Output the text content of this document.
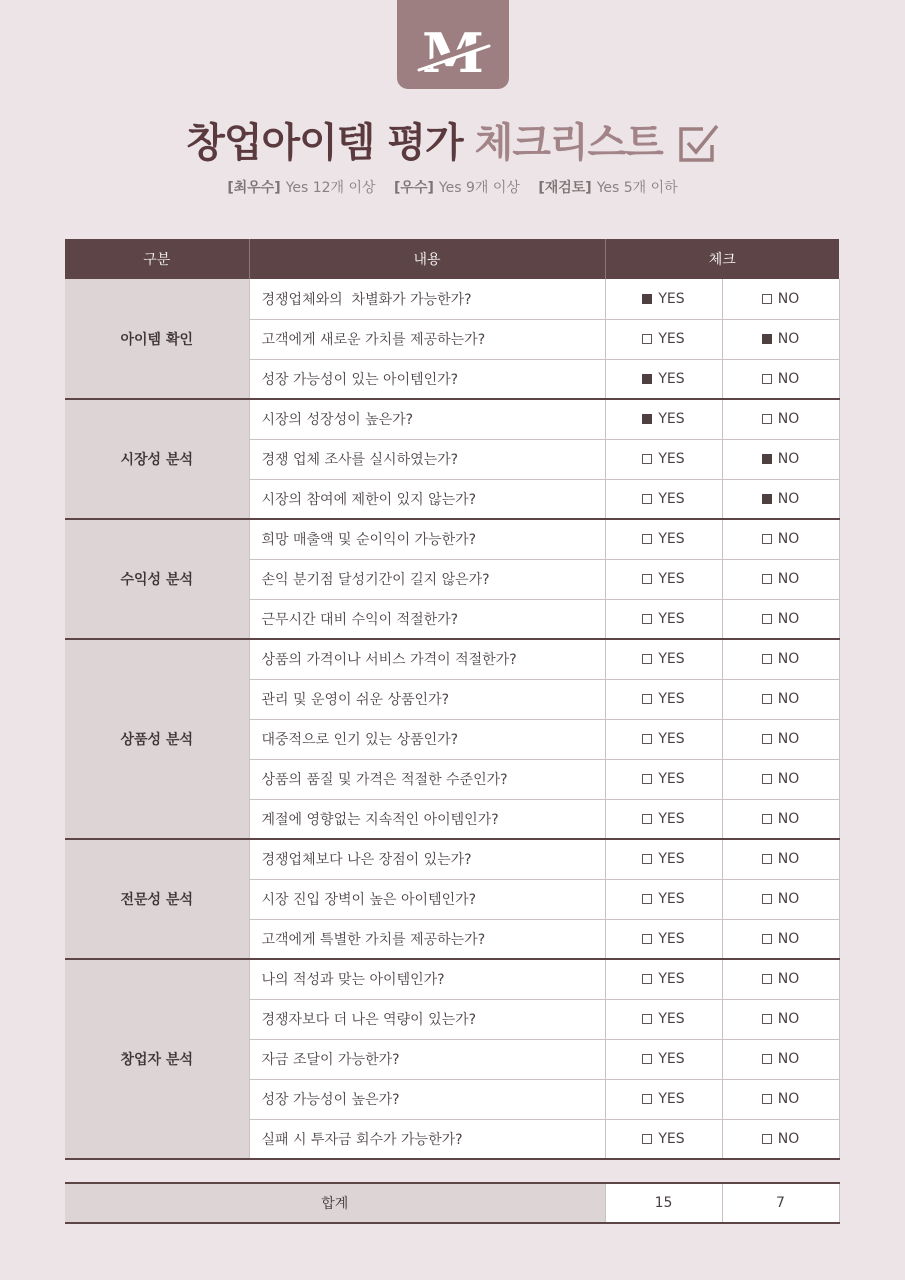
M
창업아이템 평가 체크리스트
[최우수] Yes 12개 이상 [우수] Yes 9개 이상 [재검토] Yes 5개 이하
구분	내용	체크	
아이템 확인	경쟁업체와의  차별화가 가능한가?	YES	NO
	고객에게 새로운 가치를 제공하는가?	YES	NO
	성장 가능성이 있는 아이템인가?	YES	NO
시장성 분석	시장의 성장성이 높은가?	YES	NO
	경쟁 업체 조사를 실시하였는가?	YES	NO
	시장의 참여에 제한이 있지 않는가?	YES	NO
수익성 분석	희망 매출액 및 순이익이 가능한가?	YES	NO
	손익 분기점 달성기간이 길지 않은가?	YES	NO
	근무시간 대비 수익이 적절한가?	YES	NO
상품성 분석	상품의 가격이나 서비스 가격이 적절한가?	YES	NO
	관리 및 운영이 쉬운 상품인가?	YES	NO
	대중적으로 인기 있는 상품인가?	YES	NO
	상품의 품질 및 가격은 적절한 수준인가?	YES	NO
	계절에 영향없는 지속적인 아이템인가?	YES	NO
전문성 분석	경쟁업체보다 나은 장점이 있는가?	YES	NO
	시장 진입 장벽이 높은 아이템인가?	YES	NO
	고객에게 특별한 가치를 제공하는가?	YES	NO
창업자 분석	나의 적성과 맞는 아이템인가?	YES	NO
	경쟁자보다 더 나은 역량이 있는가?	YES	NO
	자금 조달이 가능한가?	YES	NO
	성장 가능성이 높은가?	YES	NO
	실패 시 투자금 회수가 가능한가?	YES	NO
합계	15	7
